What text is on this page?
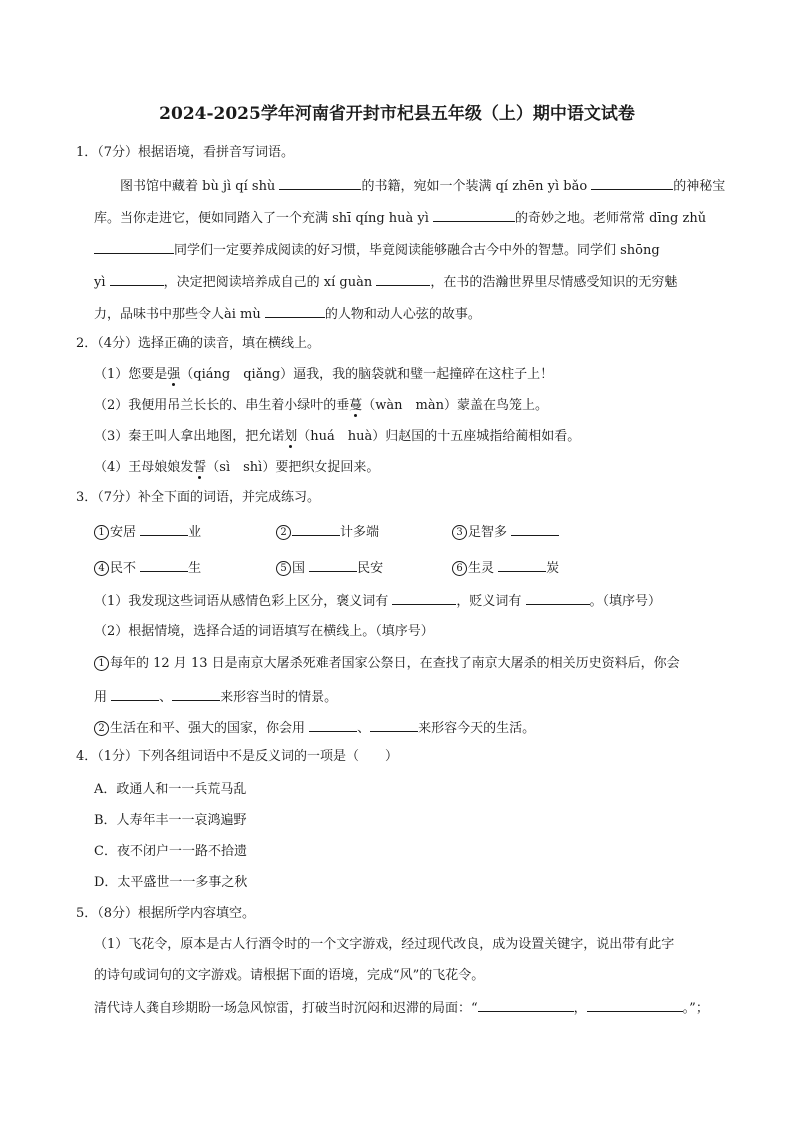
2024-2025学年河南省开封市杞县五年级（上）期中语文试卷
1．（7分）根据语境，看拼音写词语。
图书馆中藏着 bù jì qí shù	的书籍，宛如一个装满 qí zhēn yì bǎo	的神秘宝
库。当你走进它，便如同踏入了一个充满 shī qíng huà yì	的奇妙之地。老师常常 dīng zhǔ
同学们一定要养成阅读的好习惯，毕竟阅读能够融合古今中外的智慧。同学们 shōng
yì	，决定把阅读培养成自己的 xí guàn	，在书的浩瀚世界里尽情感受知识的无穷魅
力，品味书中那些令人ài mù	的人物和动人心弦的故事。
2．（4分）选择正确的读音，填在横线上。
（1）您要是强（qiáng　qiǎng）逼我，我的脑袋就和璧一起撞碎在这柱子上！
（2）我便用吊兰长长的、串生着小绿叶的垂蔓（wàn　màn）蒙盖在鸟笼上。
（3）秦王叫人拿出地图，把允诺划（huá　huà）归赵国的十五座城指给蔺相如看。
（4）王母娘娘发誓（sì　shì）要把织女捉回来。
3．（7分）补全下面的词语，并完成练习。
1 安居	业	2	计多端	3 足智多
4 民不	生	5 国	民安	6 生灵	炭
（1）我发现这些词语从感情色彩上区分，褒义词有	，贬义词有	。（填序号）
（2）根据情境，选择合适的词语填写在横线上。（填序号）
1 每年的 12 月 13 日是南京大屠杀死难者国家公祭日，在查找了南京大屠杀的相关历史资料后，你会
用	、	来形容当时的情景。
2 生活在和平、强大的国家，你会用	、	来形容今天的生活。
4．（1分）下列各组词语中不是反义词的一项是（　　）
A．政通人和一一兵荒马乱
B．人寿年丰一一哀鸿遍野
C．夜不闭户一一路不拾遗
D．太平盛世一一多事之秋
5．（8分）根据所学内容填空。
（1）飞花令，原本是古人行酒令时的一个文字游戏，经过现代改良，成为设置关键字，说出带有此字
的诗句或词句的文字游戏。请根据下面的语境，完成“风”的飞花令。
清代诗人龚自珍期盼一场急风惊雷，打破当时沉闷和迟滞的局面：“	，	。”；
